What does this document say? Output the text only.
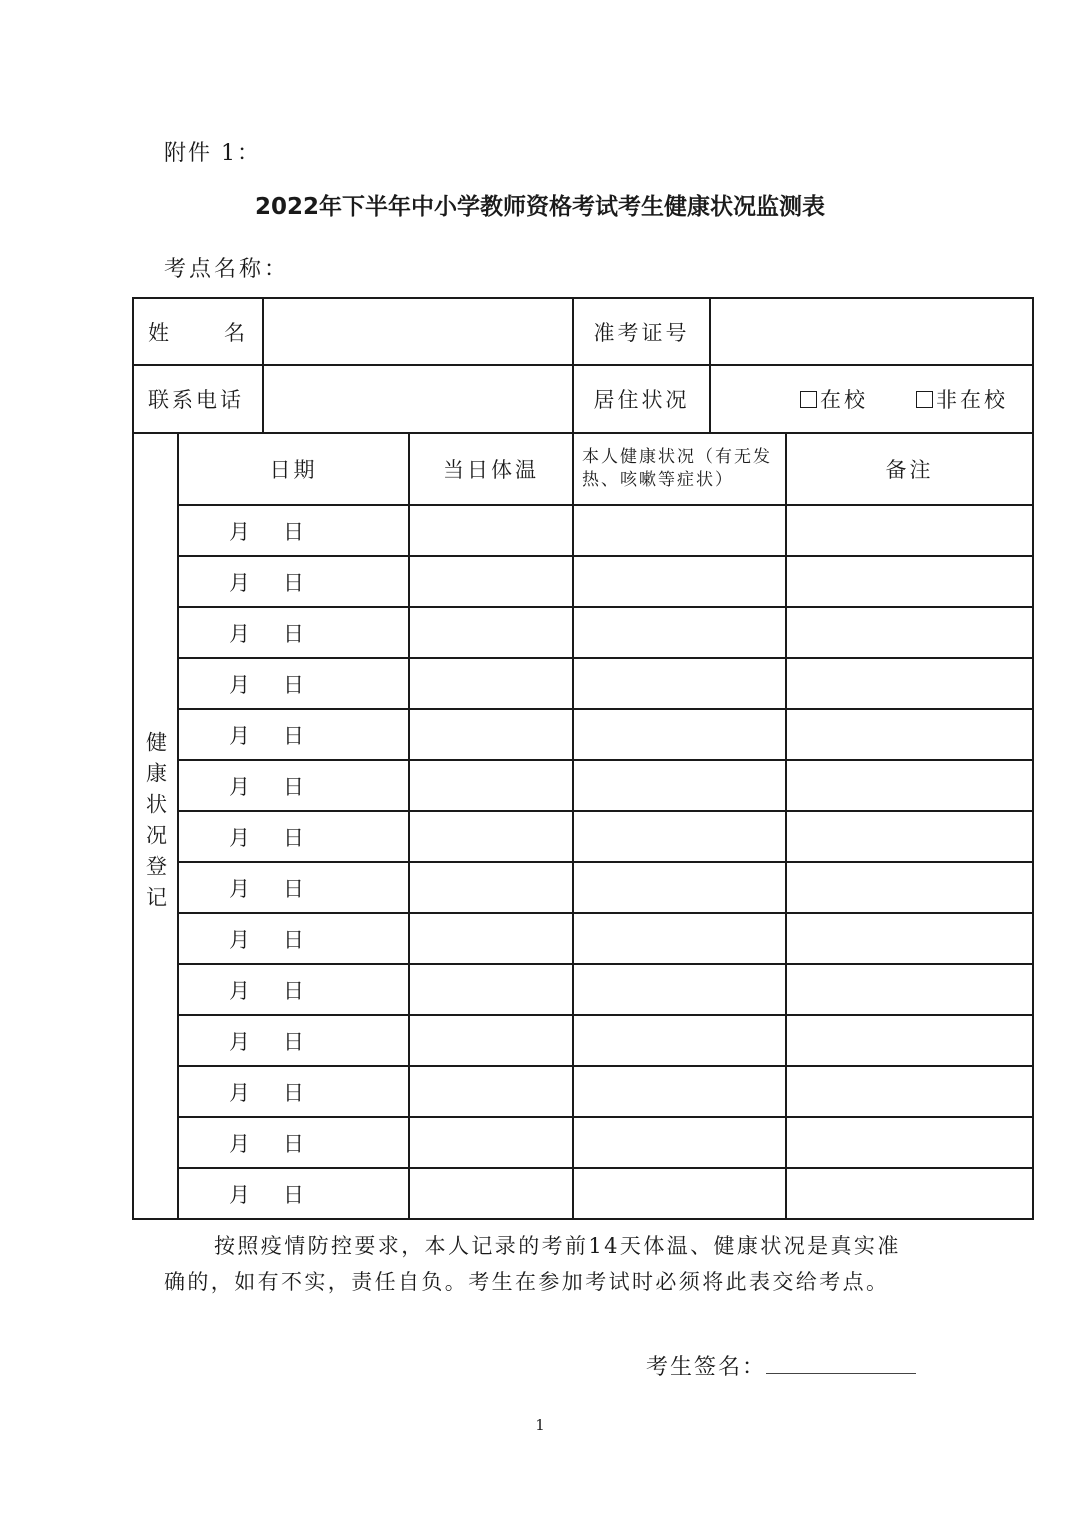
附件 1：
2022年下半年中小学教师资格考试考生健康状况监测表
考点名称：
姓 名				准考证号		
联系电话				居住状况	在校 非在校	
健康状况登记	日期		当日体温	本人健康状况（有无发热、咳嗽等症状）		备注
	月 日					
	月 日					
	月 日					
	月 日					
	月 日					
	月 日					
	月 日					
	月 日					
	月 日					
	月 日					
	月 日					
	月 日					
	月 日					
	月 日					
按照疫情防控要求，本人记录的考前14天体温、健康状况是真实准确的，如有不实，责任自负。考生在参加考试时必须将此表交给考点。
考生签名：
1
